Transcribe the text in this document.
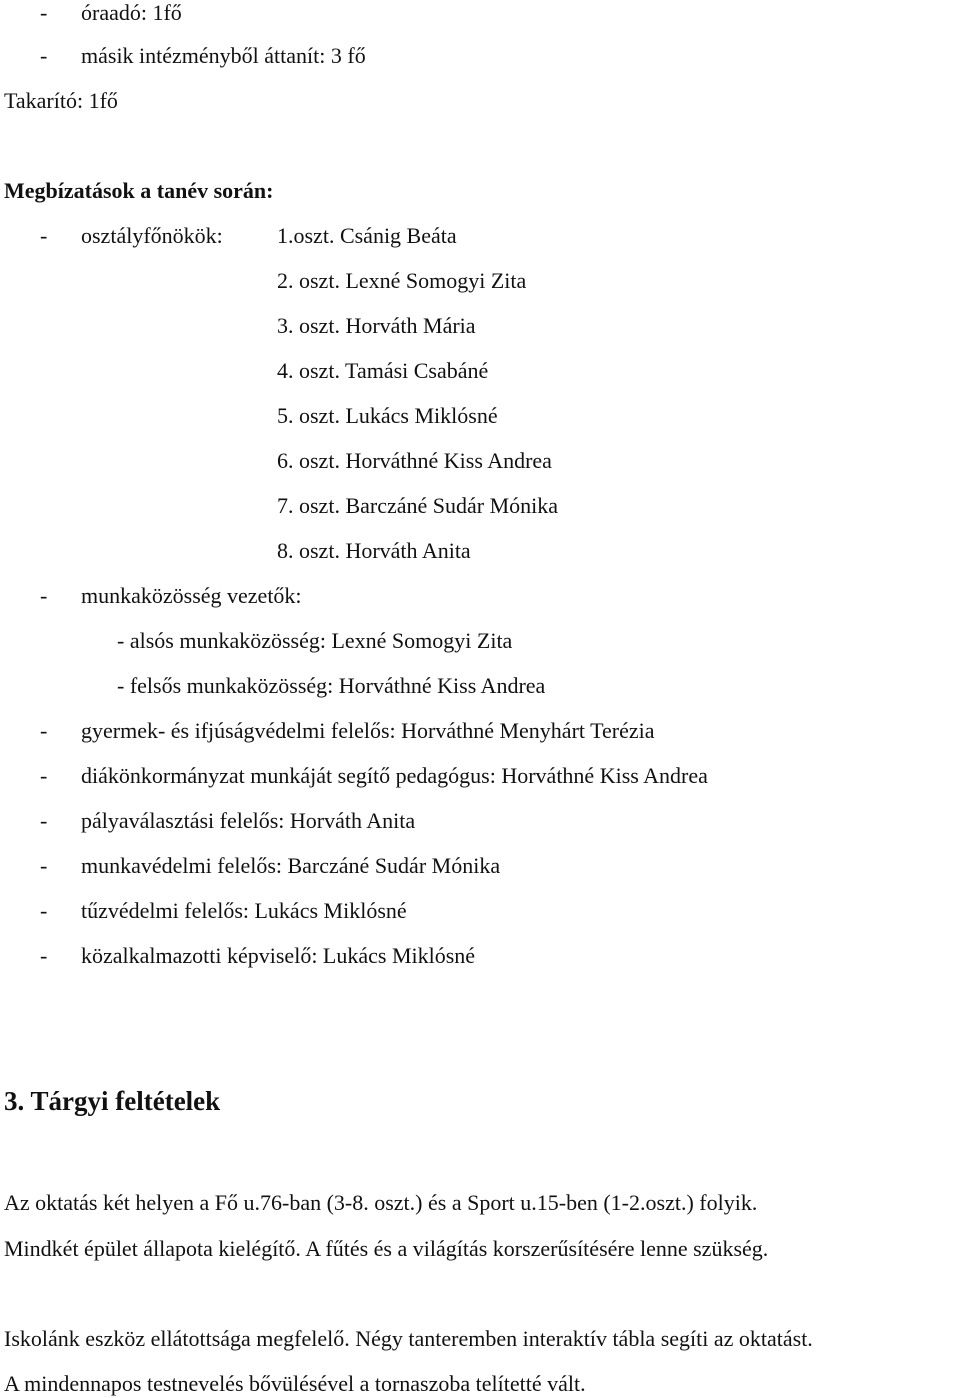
- óraadó: 1fő
- másik intézményből áttanít: 3 fő
Takarító: 1fő
Megbízatások a tanév során:
- osztályfőnökök: 1.oszt. Csánig Beáta
2. oszt. Lexné Somogyi Zita
3. oszt. Horváth Mária
4. oszt. Tamási Csabáné
5. oszt. Lukács Miklósné
6. oszt. Horváthné Kiss Andrea
7. oszt. Barczáné Sudár Mónika
8. oszt. Horváth Anita
- munkaközösség vezetők:
- alsós munkaközösség: Lexné Somogyi Zita
- felsős munkaközösség: Horváthné Kiss Andrea
- gyermek- és ifjúságvédelmi felelős: Horváthné Menyhárt Terézia
- diákönkormányzat munkáját segítő pedagógus: Horváthné Kiss Andrea
- pályaválasztási felelős: Horváth Anita
- munkavédelmi felelős: Barczáné Sudár Mónika
- tűzvédelmi felelős: Lukács Miklósné
- közalkalmazotti képviselő: Lukács Miklósné
3. Tárgyi feltételek
Az oktatás két helyen a Fő u.76-ban (3-8. oszt.) és a Sport u.15-ben (1-2.oszt.) folyik.
Mindkét épület állapota kielégítő. A fűtés és a világítás korszerűsítésére lenne szükség.
Iskolánk eszköz ellátottsága megfelelő. Négy tanteremben interaktív tábla segíti az oktatást.
A mindennapos testnevelés bővülésével a tornaszoba telítetté vált.
